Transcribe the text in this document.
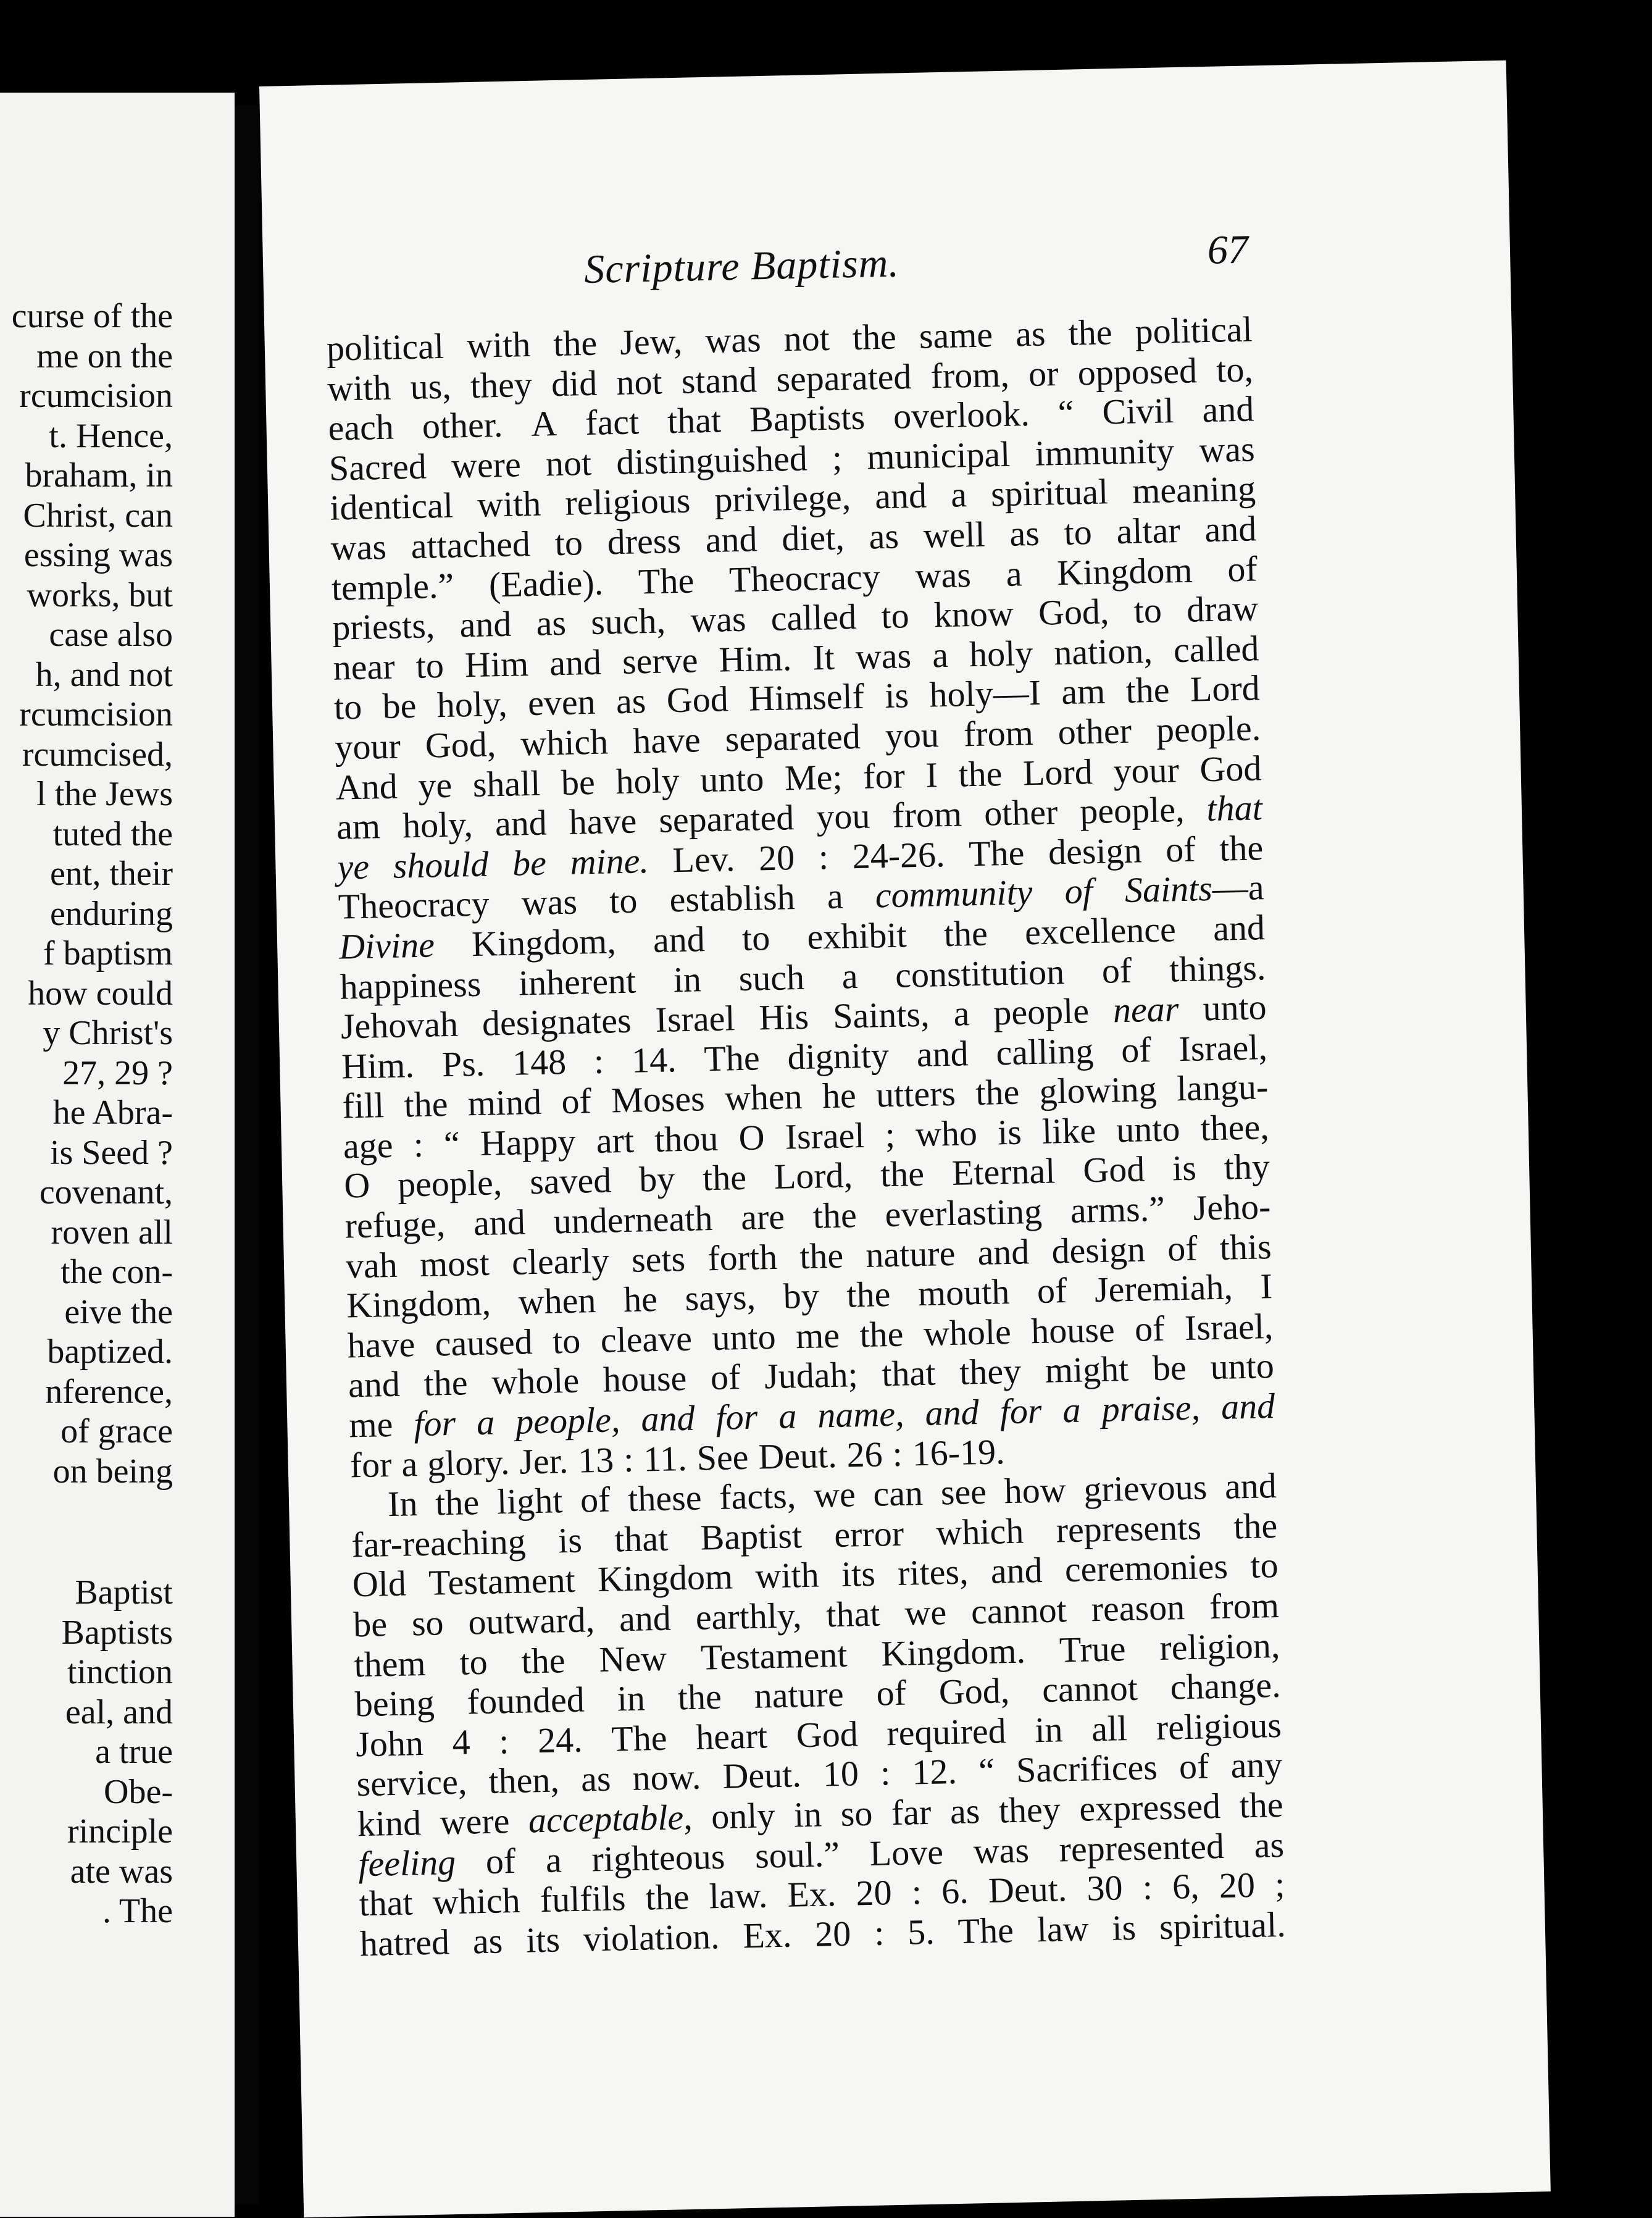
curse of the
me on the
rcumcision
t. Hence,
braham, in
Christ, can
essing was
works, but
case also
h, and not
rcumcision
rcumcised,
l the Jews
tuted the
ent, their
enduring
f baptism
how could
y Christ's
27, 29 ?
he Abra-
is Seed ?
covenant,
roven all
the con-
eive the
baptized.
nference,
of grace
on being
Baptist
Baptists
tinction
eal, and
a true
Obe-
rinciple
ate was
. The
Scripture Baptism.	67
political with the Jew, was not the same as the political
with us, they did not stand separated from, or opposed to,
each other. A fact that Baptists overlook. “ Civil and
Sacred were not distinguished ; municipal immunity was
identical with religious privilege, and a spiritual meaning
was attached to dress and diet, as well as to altar and
temple.” (Eadie). The Theocracy was a Kingdom of
priests, and as such, was called to know God, to draw
near to Him and serve Him. It was a holy nation, called
to be holy, even as God Himself is holy—I am the Lord
your God, which have separated you from other people.
And ye shall be holy unto Me; for I the Lord your God
am holy, and have separated you from other people, that
ye should be mine. Lev. 20 : 24-26. The design of the
Theocracy was to establish a community of Saints—a
Divine Kingdom, and to exhibit the excellence and
happiness inherent in such a constitution of things.
Jehovah designates Israel His Saints, a people near unto
Him. Ps. 148 : 14. The dignity and calling of Israel,
fill the mind of Moses when he utters the glowing langu-
age : “ Happy art thou O Israel ; who is like unto thee,
O people, saved by the Lord, the Eternal God is thy
refuge, and underneath are the everlasting arms.” Jeho-
vah most clearly sets forth the nature and design of this
Kingdom, when he says, by the mouth of Jeremiah, I
have caused to cleave unto me the whole house of Israel,
and the whole house of Judah; that they might be unto
me for a people, and for a name, and for a praise, and
for a glory. Jer. 13 : 11. See Deut. 26 : 16-19.
In the light of these facts, we can see how grievous and
far-reaching is that Baptist error which represents the
Old Testament Kingdom with its rites, and ceremonies to
be so outward, and earthly, that we cannot reason from
them to the New Testament Kingdom. True religion,
being founded in the nature of God, cannot change.
John 4 : 24. The heart God required in all religious
service, then, as now. Deut. 10 : 12. “ Sacrifices of any
kind were acceptable, only in so far as they expressed the
feeling of a righteous soul.” Love was represented as
that which fulfils the law. Ex. 20 : 6. Deut. 30 : 6, 20 ;
hatred as its violation. Ex. 20 : 5. The law is spiritual.
